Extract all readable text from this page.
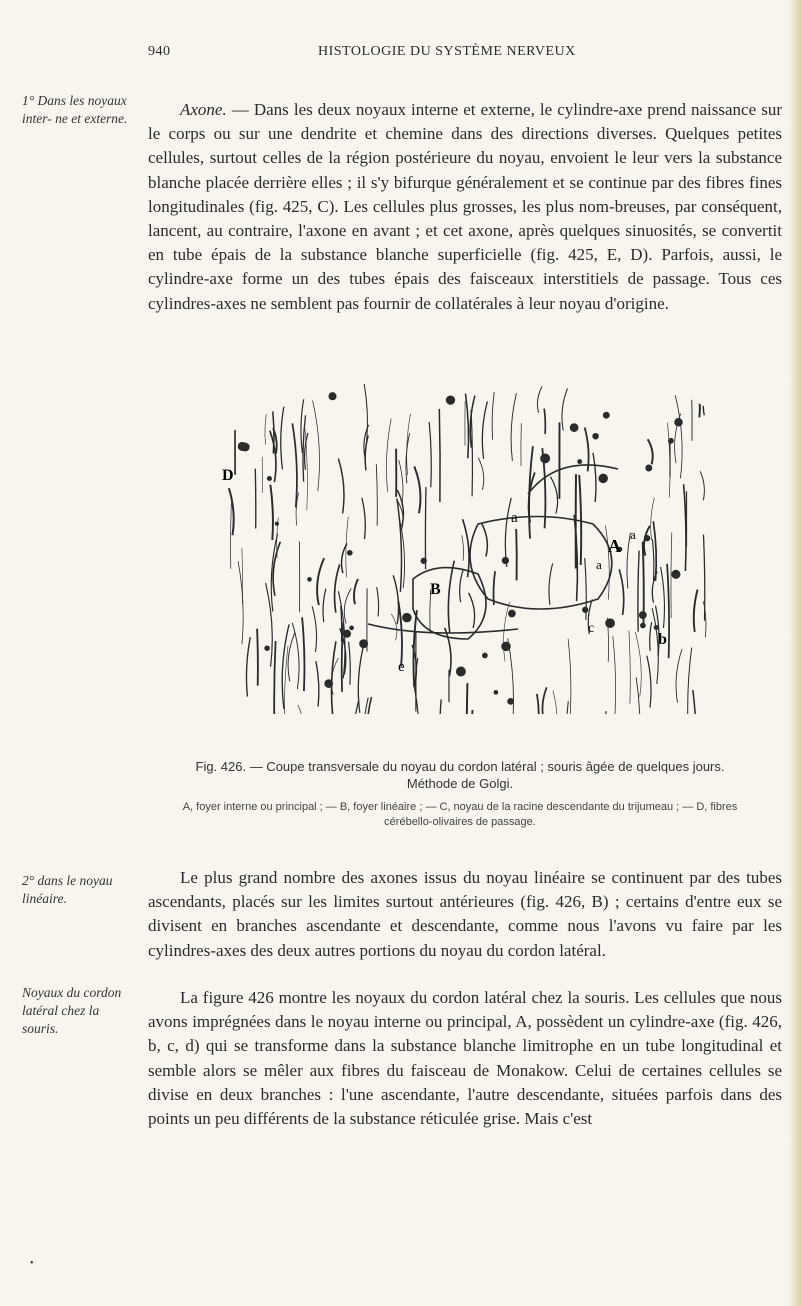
940	HISTOLOGIE DU SYSTÈME NERVEUX
1° Dans les noyaux inter- ne et externe.
2° dans le noyau linéaire.
Noyaux du cordon latéral chez la souris.

Axone. — Dans les deux noyaux interne et externe, le cylindre-axe prend naissance sur le corps ou sur une dendrite et chemine dans des directions diverses. Quelques petites cellules, surtout celles de la région postérieure du noyau, envoient le leur vers la substance blanche placée derrière elles ; il s'y bifurque généralement et se continue par des fibres fines longitudinales (fig. 425, C). Les cellules plus grosses, les plus nom-breuses, par conséquent, lancent, au contraire, l'axone en avant ; et cet axone, après quelques sinuosités, se convertit en tube épais de la substance blanche superficielle (fig. 425, E, D). Parfois, aussi, le cylindre-axe forme un des tubes épais des faisceaux interstitiels de passage. Tous ces cylindres-axes ne semblent pas fournir de collatérales à leur noyau d'origine.

D
a
A
c
b
B
e
a
a
Fig. 426. — Coupe transversale du noyau du cordon latéral ; souris âgée de quelques jours. Méthode de Golgi.
A, foyer interne ou principal ; — B, foyer linéaire ; — C, noyau de la racine descendante du trijumeau ; — D, fibres cérébello-olivaires de passage.

Le plus grand nombre des axones issus du noyau linéaire se continuent par des tubes ascendants, placés sur les limites surtout antérieures (fig. 426, B) ; certains d'entre eux se divisent en branches ascendante et descendante, comme nous l'avons vu faire par les cylindres-axes des deux autres portions du noyau du cordon latéral.

La figure 426 montre les noyaux du cordon latéral chez la souris. Les cellules que nous avons imprégnées dans le noyau interne ou principal, A, possèdent un cylindre-axe (fig. 426, b, c, d) qui se transforme dans la substance blanche limitrophe en un tube longitudinal et semble alors se mêler aux fibres du faisceau de Monakow. Celui de certaines cellules se divise en deux branches : l'une ascendante, l'autre descendante, situées parfois dans des points un peu différents de la substance réticulée grise. Mais c'est

•
